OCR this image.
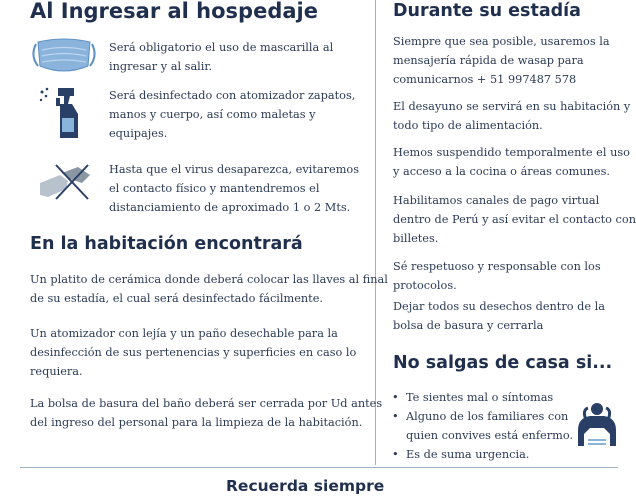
Al Ingresar al hospedaje

Será obligatorio el uso de mascarilla al
ingresar y al salir.

Será desinfectado con atomizador zapatos,
manos y cuerpo, así como maletas y
equipajes.

Hasta que el virus desaparezca, evitaremos
el contacto físico y mantendremos el
distanciamiento de aproximado 1 o 2 Mts.

En la habitación encontrará

Un platito de cerámica donde deberá colocar las llaves al final
de su estadía, el cual será desinfectado fácilmente.

Un atomizador con lejía y un paño desechable para la
desinfección de sus pertenencias y superficies en caso lo
requiera.

La bolsa de basura del baño deberá ser cerrada por Ud antes
del ingreso del personal para la limpieza de la habitación.

Durante su estadía

Siempre que sea posible, usaremos la
mensajería rápida de wasap para
comunicarnos + 51 997487 578

El desayuno se servirá en su habitación y
todo tipo de alimentación.

Hemos suspendido temporalmente el uso
y acceso a la cocina o áreas comunes.

Habilitamos canales de pago virtual
dentro de Perú y así evitar el contacto con
billetes.

Sé respetuoso y responsable con los
protocolos.

Dejar todos su desechos dentro de la
bolsa de basura y cerrarla

No salgas de casa si...
• Te sientes mal o síntomas
• Alguno de los familiares con
quien convives está enfermo.
• Es de suma urgencia.
Recuerda siempre
